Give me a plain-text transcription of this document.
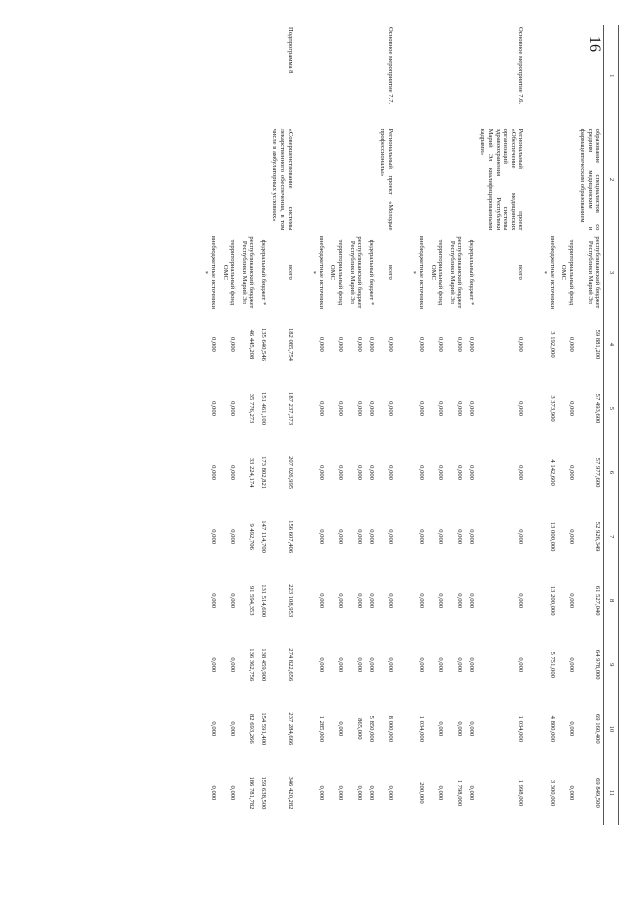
16
1	2	3	4	5	6	7	8	9	10	11
	образование специалистов со средним медицинским и фармацевтическим образованием	республиканский бюджет Республики Марий Эл	59 881,200	57 493,600	57 977,600	52 926,349	61 527,040	64 978,000	69 160,400	69 849,500
		территориальный фонд ОМС	0,000	0,000	0,000	0,000	0,000	0,000	0,000	0,000
		внебюджетные источники *	3 192,000	3 373,900	4 142,600	13 000,000	13 200,000	5 751,000	4 800,000	3 300,000
Основное мероприятие 7.6.	Региональный проект «Обеспечение медицинских организаций системы здравоохранения Республики Марий Эл квалифицированными кадрами»	всего	0,000	0,000	0,000	0,000	0,000	0,000	1 034,000	1 998,000
		федеральный бюджет *	0,000	0,000	0,000	0,000	0,000	0,000	0,000	0,000
		республиканский бюджет Республики Марий Эл	0,000	0,000	0,000	0,000	0,000	0,000	0,000	1 798,000
		территориальный фонд ОМС	0,000	0,000	0,000	0,000	0,000	0,000	0,000	0,000
		внебюджетные источники *	0,000	0,000	0,000	0,000	0,000	0,000	1 034,000	200,000
Основное мероприятие 7.7.	Региональный проект «Молодые профессионалы»	всего	0,000	0,000	0,000	0,000	0,000	0,000	8 000,000	0,000
		федеральный бюджет *	0,000	0,000	0,000	0,000	0,000	0,000	5 850,000	0,000
		республиканский бюджет Республики Марий Эл	0,000	0,000	0,000	0,000	0,000	0,000	865,000	0,000
		территориальный фонд ОМС	0,000	0,000	0,000	0,000	0,000	0,000	0,000	0,000
		внебюджетные источники *	0,000	0,000	0,000	0,000	0,000	0,000	1 285,000	0,000
Подпрограмма 8	«Совершенствование системы лекарственного обеспечения, в том числе в амбулаторных условиях»	всего	182 085,754	187 237,373	207 026,995	156 607,406	223 108,953	274 822,656	237 284,666	346 420,282
		федеральный бюджет *	135 640,546	151 461,100	173 802,821	147 114,700	131 514,600	138 459,900	154 591,400	159 638,500
		республиканский бюджет Республики Марий Эл	46 445,208	35 776,273	33 224,174	9 492,706	91 594,353	136 362,756	82 693,266	186 781,782
		территориальный фонд ОМС	0,000	0,000	0,000	0,000	0,000	0,000	0,000	0,000
		внебюджетные источники *	0,000	0,000	0,000	0,000	0,000	0,000	0,000	0,000
